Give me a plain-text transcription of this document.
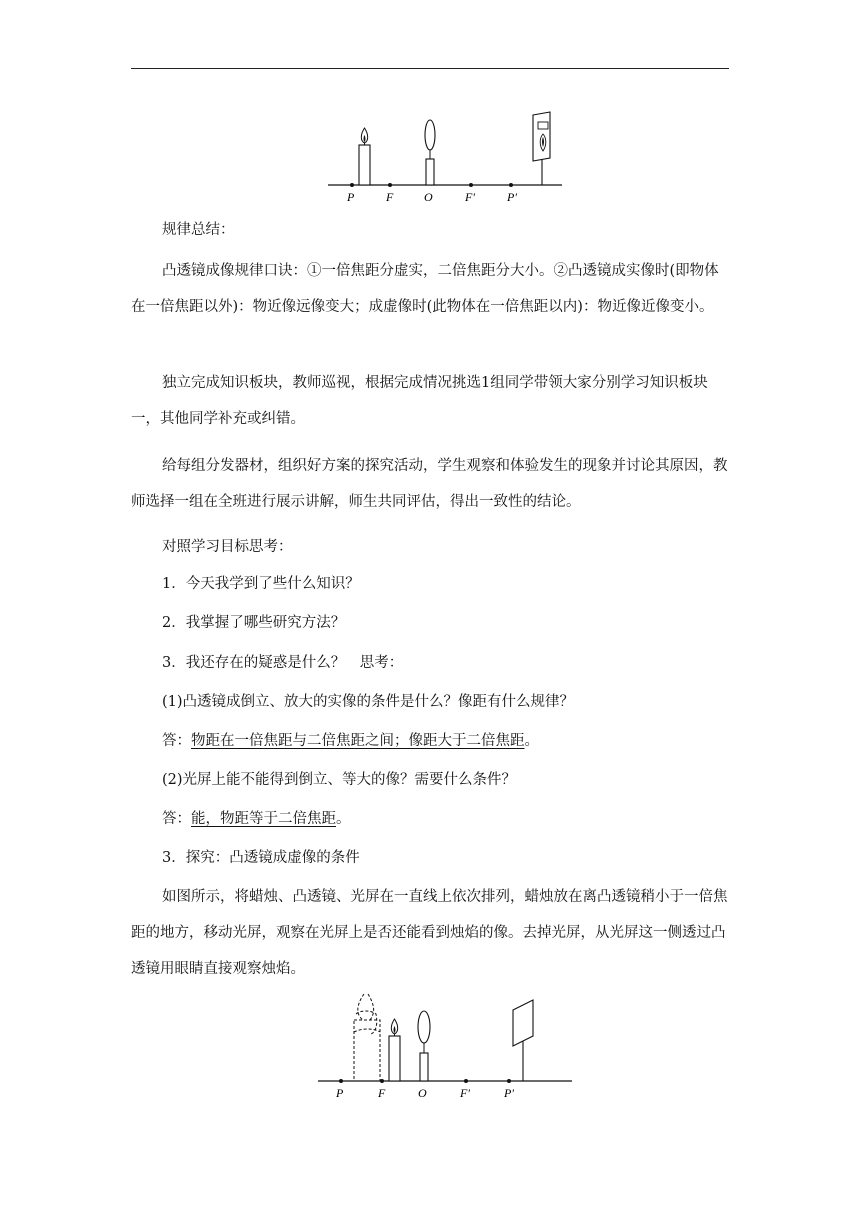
P	F	O	F′	P′

规律总结：

凸透镜成像规律口诀：①一倍焦距分虚实，二倍焦距分大小。②凸透镜成实像时(即物体在一倍焦距以外)：物近像远像变大；成虚像时(此物体在一倍焦距以内)：物近像近像变小。

独立完成知识板块，教师巡视，根据完成情况挑选1组同学带领大家分别学习知识板块一，其他同学补充或纠错。

给每组分发器材，组织好方案的探究活动，学生观察和体验发生的现象并讨论其原因，教师选择一组在全班进行展示讲解，师生共同评估，得出一致性的结论。

对照学习目标思考：

1．今天我学到了些什么知识？

2．我掌握了哪些研究方法？

3．我还存在的疑惑是什么？　思考：

(1)凸透镜成倒立、放大的实像的条件是什么？像距有什么规律？

答：物距在一倍焦距与二倍焦距之间；像距大于二倍焦距。

(2)光屏上能不能得到倒立、等大的像？需要什么条件？

答：能，物距等于二倍焦距。

3．探究：凸透镜成虚像的条件

如图所示，将蜡烛、凸透镜、光屏在一直线上依次排列，蜡烛放在离凸透镜稍小于一倍焦距的地方，移动光屏，观察在光屏上是否还能看到烛焰的像。去掉光屏，从光屏这一侧透过凸透镜用眼睛直接观察烛焰。

P	F	O	F′	P′
